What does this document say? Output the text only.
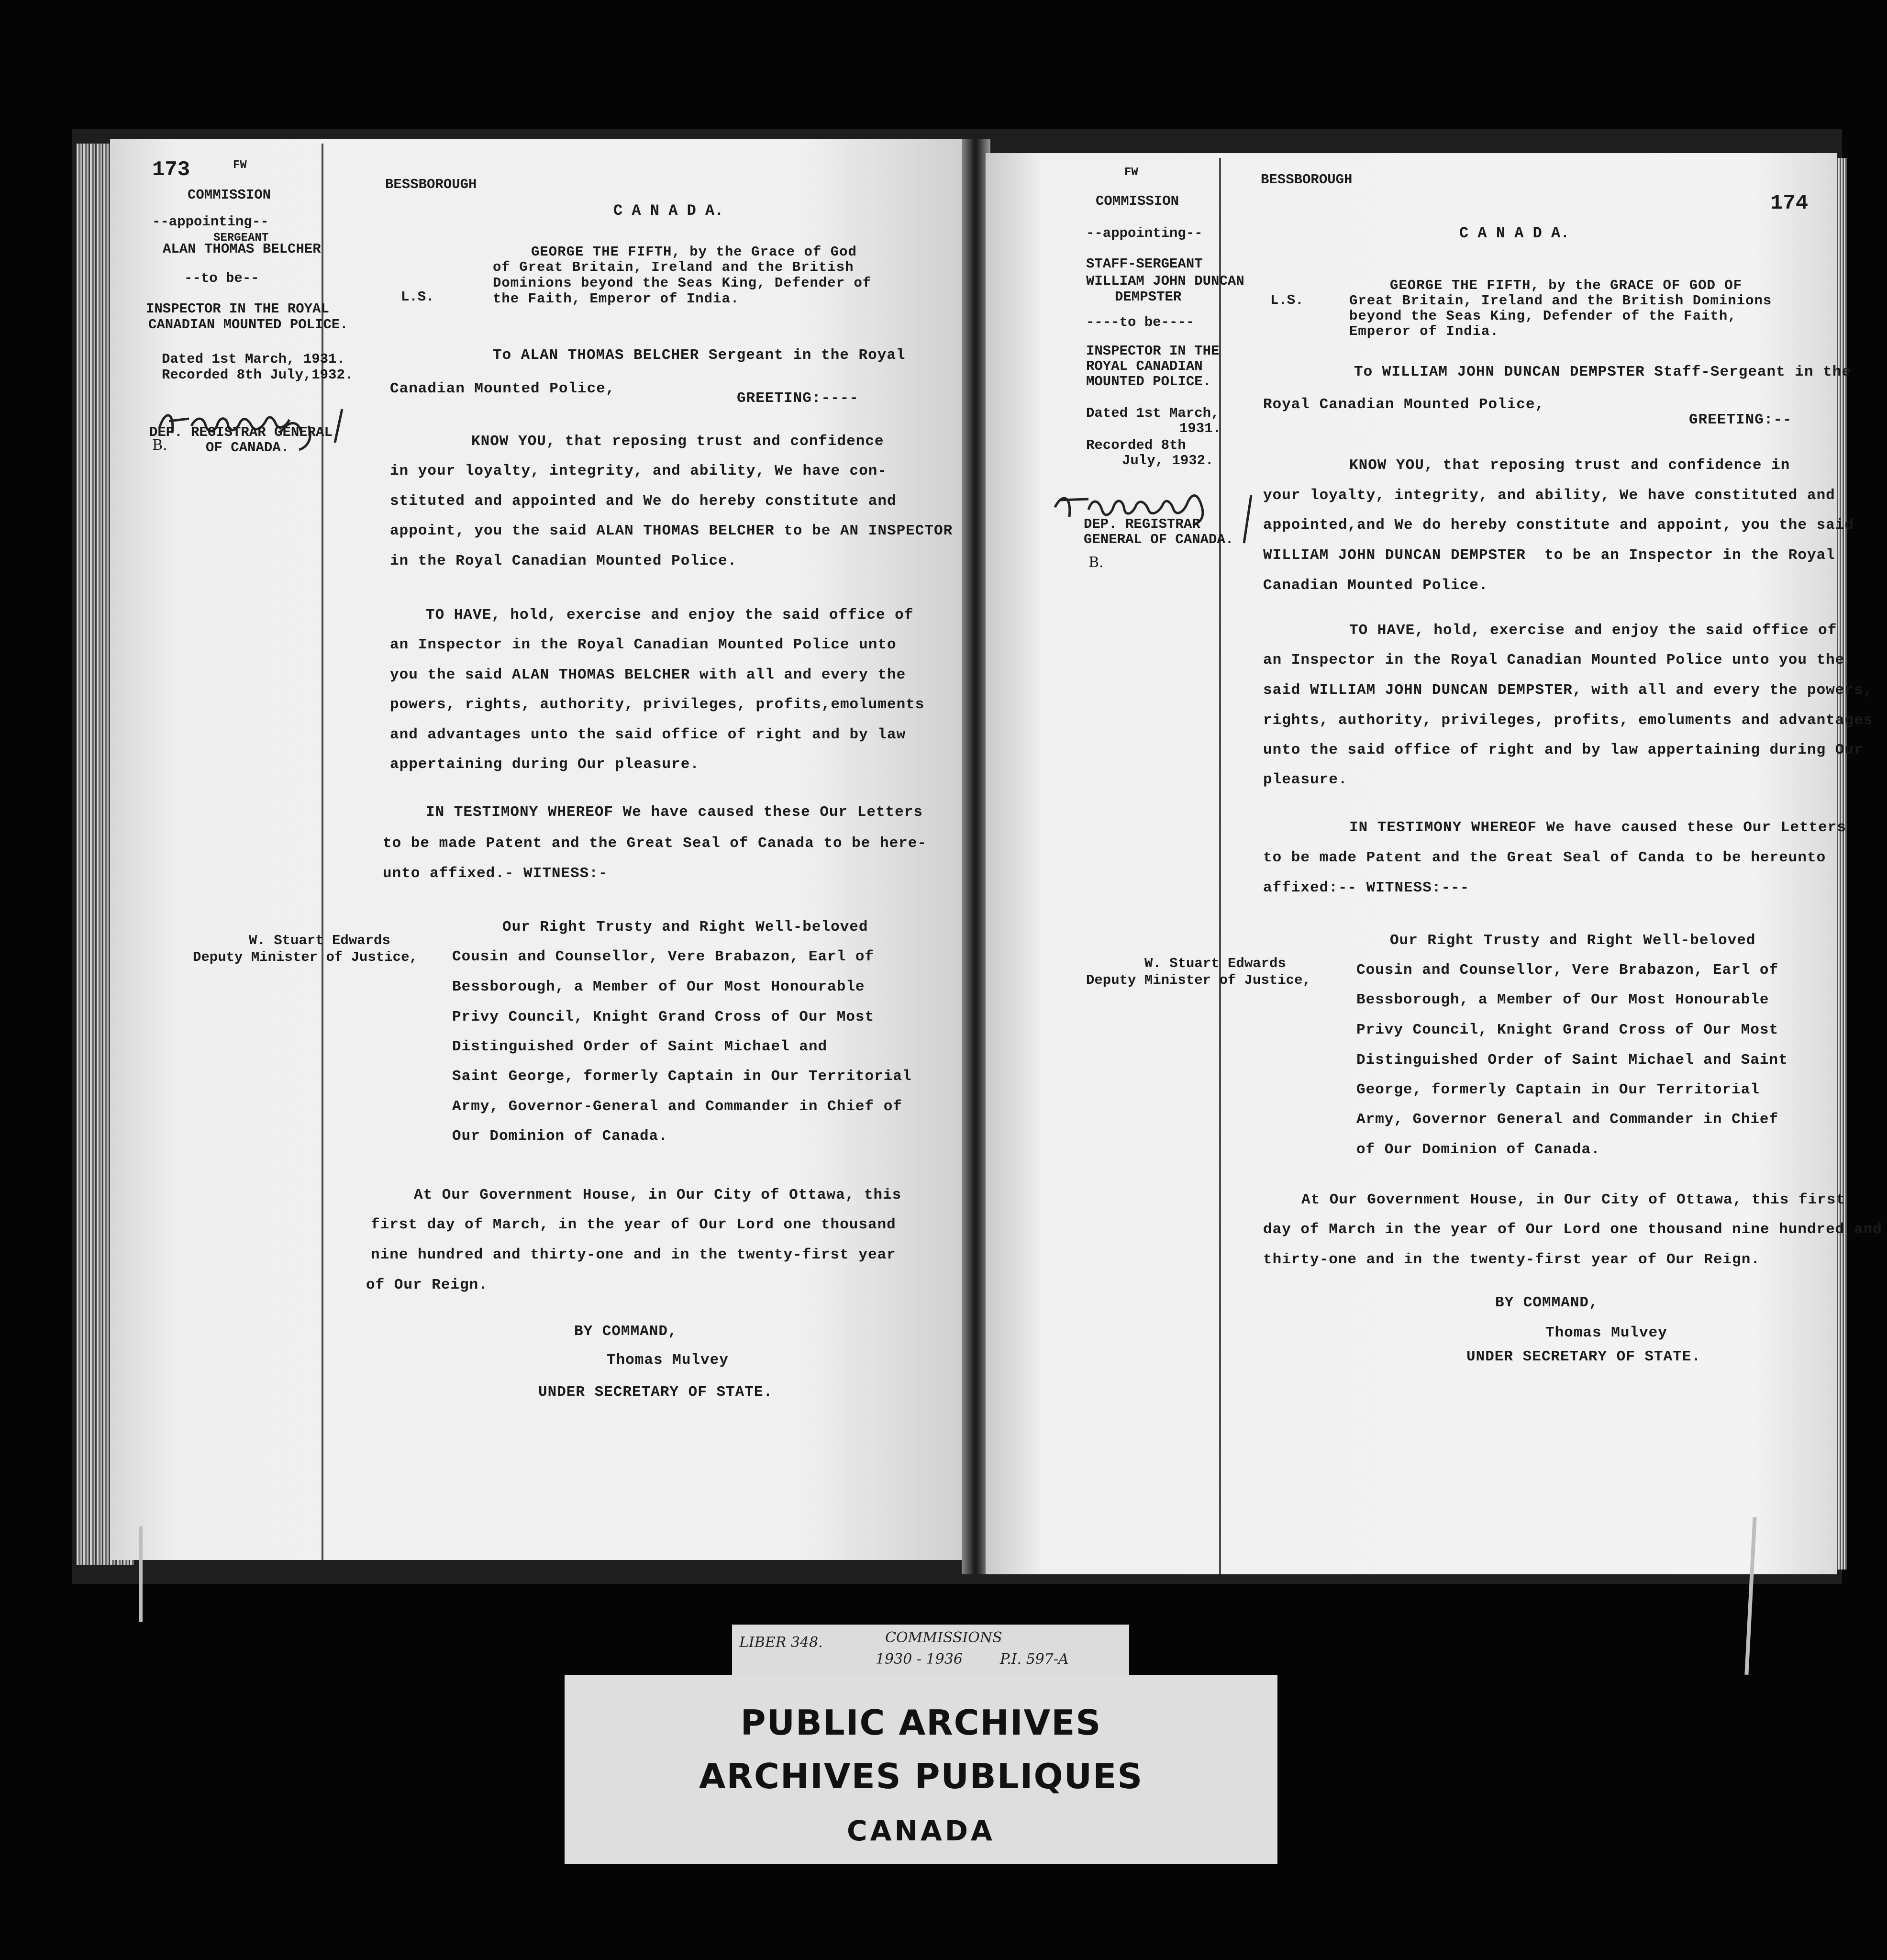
173	FW
COMMISSION
--appointing--
SERGEANT
ALAN THOMAS BELCHER
--to be--
INSPECTOR IN THE ROYAL
CANADIAN MOUNTED POLICE.
Dated 1st March, 1931.
Recorded 8th July,1932.
DEP. REGISTRAR GENERAL
OF CANADA.
B.
W. Stuart Edwards
Deputy Minister of Justice,
BESSBOROUGH
C A N A D A.
L.S.
GEORGE THE FIFTH, by the Grace of God
of Great Britain, Ireland and the British
Dominions beyond the Seas King, Defender of
the Faith, Emperor of India.
To ALAN THOMAS BELCHER Sergeant in the Royal
Canadian Mounted Police,
GREETING:----
KNOW YOU, that reposing trust and confidence
in your loyalty, integrity, and ability, We have con-
stituted and appointed and We do hereby constitute and
appoint, you the said ALAN THOMAS BELCHER to be AN INSPECTOR
in the Royal Canadian Mounted Police.
TO HAVE, hold, exercise and enjoy the said office of
an Inspector in the Royal Canadian Mounted Police unto
you the said ALAN THOMAS BELCHER with all and every the
powers, rights, authority, privileges, profits,emoluments
and advantages unto the said office of right and by law
appertaining during Our pleasure.
IN TESTIMONY WHEREOF We have caused these Our Letters
to be made Patent and the Great Seal of Canada to be here-
unto affixed.- WITNESS:-
Our Right Trusty and Right Well-beloved
Cousin and Counsellor, Vere Brabazon, Earl of
Bessborough, a Member of Our Most Honourable
Privy Council, Knight Grand Cross of Our Most
Distinguished Order of Saint Michael and
Saint George, formerly Captain in Our Territorial
Army, Governor-General and Commander in Chief of
Our Dominion of Canada.
At Our Government House, in Our City of Ottawa, this
first day of March, in the year of Our Lord one thousand
nine hundred and thirty-one and in the twenty-first year
of Our Reign.
BY COMMAND,
Thomas Mulvey
UNDER SECRETARY OF STATE.
174
FW
COMMISSION
--appointing--
STAFF-SERGEANT
WILLIAM JOHN DUNCAN
DEMPSTER
----to be----
INSPECTOR IN THE
ROYAL CANADIAN
MOUNTED POLICE.
Dated 1st March,
1931.
Recorded 8th
July, 1932.
DEP. REGISTRAR
GENERAL OF CANADA.
B.
W. Stuart Edwards
Deputy Minister of Justice,
BESSBOROUGH
C A N A D A.
L.S.
GEORGE THE FIFTH, by the GRACE OF GOD OF
Great Britain, Ireland and the British Dominions
beyond the Seas King, Defender of the Faith,
Emperor of India.
To WILLIAM JOHN DUNCAN DEMPSTER Staff-Sergeant in the
Royal Canadian Mounted Police,
GREETING:--
KNOW YOU, that reposing trust and confidence in
your loyalty, integrity, and ability, We have constituted and
appointed,and We do hereby constitute and appoint, you the said
WILLIAM JOHN DUNCAN DEMPSTER  to be an Inspector in the Royal
Canadian Mounted Police.
TO HAVE, hold, exercise and enjoy the said office of
an Inspector in the Royal Canadian Mounted Police unto you the
said WILLIAM JOHN DUNCAN DEMPSTER, with all and every the powers,
rights, authority, privileges, profits, emoluments and advantages
unto the said office of right and by law appertaining during Our
pleasure.
IN TESTIMONY WHEREOF We have caused these Our Letters
to be made Patent and the Great Seal of Canda to be hereunto
affixed:-- WITNESS:---
Our Right Trusty and Right Well-beloved
Cousin and Counsellor, Vere Brabazon, Earl of
Bessborough, a Member of Our Most Honourable
Privy Council, Knight Grand Cross of Our Most
Distinguished Order of Saint Michael and Saint
George, formerly Captain in Our Territorial
Army, Governor General and Commander in Chief
of Our Dominion of Canada.
At Our Government House, in Our City of Ottawa, this first
day of March in the year of Our Lord one thousand nine hundred and
thirty-one and in the twenty-first year of Our Reign.
BY COMMAND,
Thomas Mulvey
UNDER SECRETARY OF STATE.
LIBER 348.	COMMISSIONS
1930 - 1936	P.I. 597-A
PUBLIC ARCHIVES
ARCHIVES PUBLIQUES
CANADA
